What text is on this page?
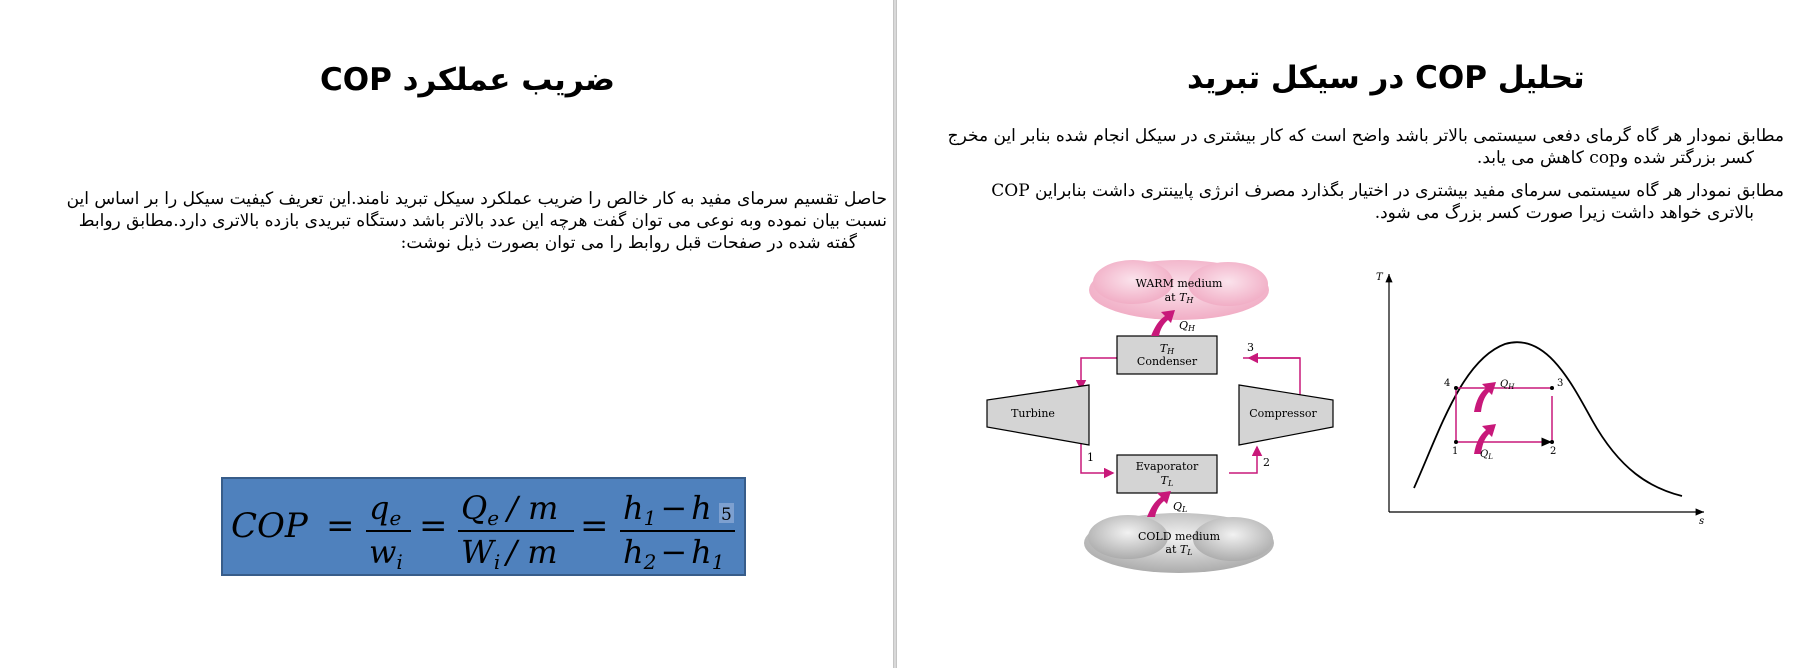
ضریب عملکرد COP
حاصل تقسیم سرمای مفید به کار خالص را ضریب عملکرد سیکل تبرید نامند.این تعریف کیفیت سیکل را بر اساس این
نسبت بیان نموده وبه نوعی می توان گفت هرچه این عدد بالاتر باشد دستگاه تبریدی بازده بالاتری دارد.مطابق روابط
گفته شده در صفحات قبل روابط را می توان بصورت ذیل نوشت:
COP = qe
wi
= Qe / m
Wi / m
= h1 − h 5
h2 − h1
تحلیل COP در سیکل تبرید
مطابق نمودار هر گاه گرمای دفعی سیستمی بالاتر باشد واضح است که کار بیشتری در سیکل انجام شده بنابر این مخرج
کسر بزرگتر شده وcop کاهش می یابد.
مطابق نمودار هر گاه سیستمی سرمای مفید بیشتری در اختیار بگذارد مصرف انرژی پایینتری داشت بنابراین COP
بالاتری خواهد داشت زیرا صورت کسر بزرگ می شود.
WARM medium
at TH
COLD medium
at TL
3
1	2
TH
Condenser
Evaporator
TL
Turbine	Compressor
QH
QL
T
s
4	3
1	2
$Q_H$
$Q_L$
